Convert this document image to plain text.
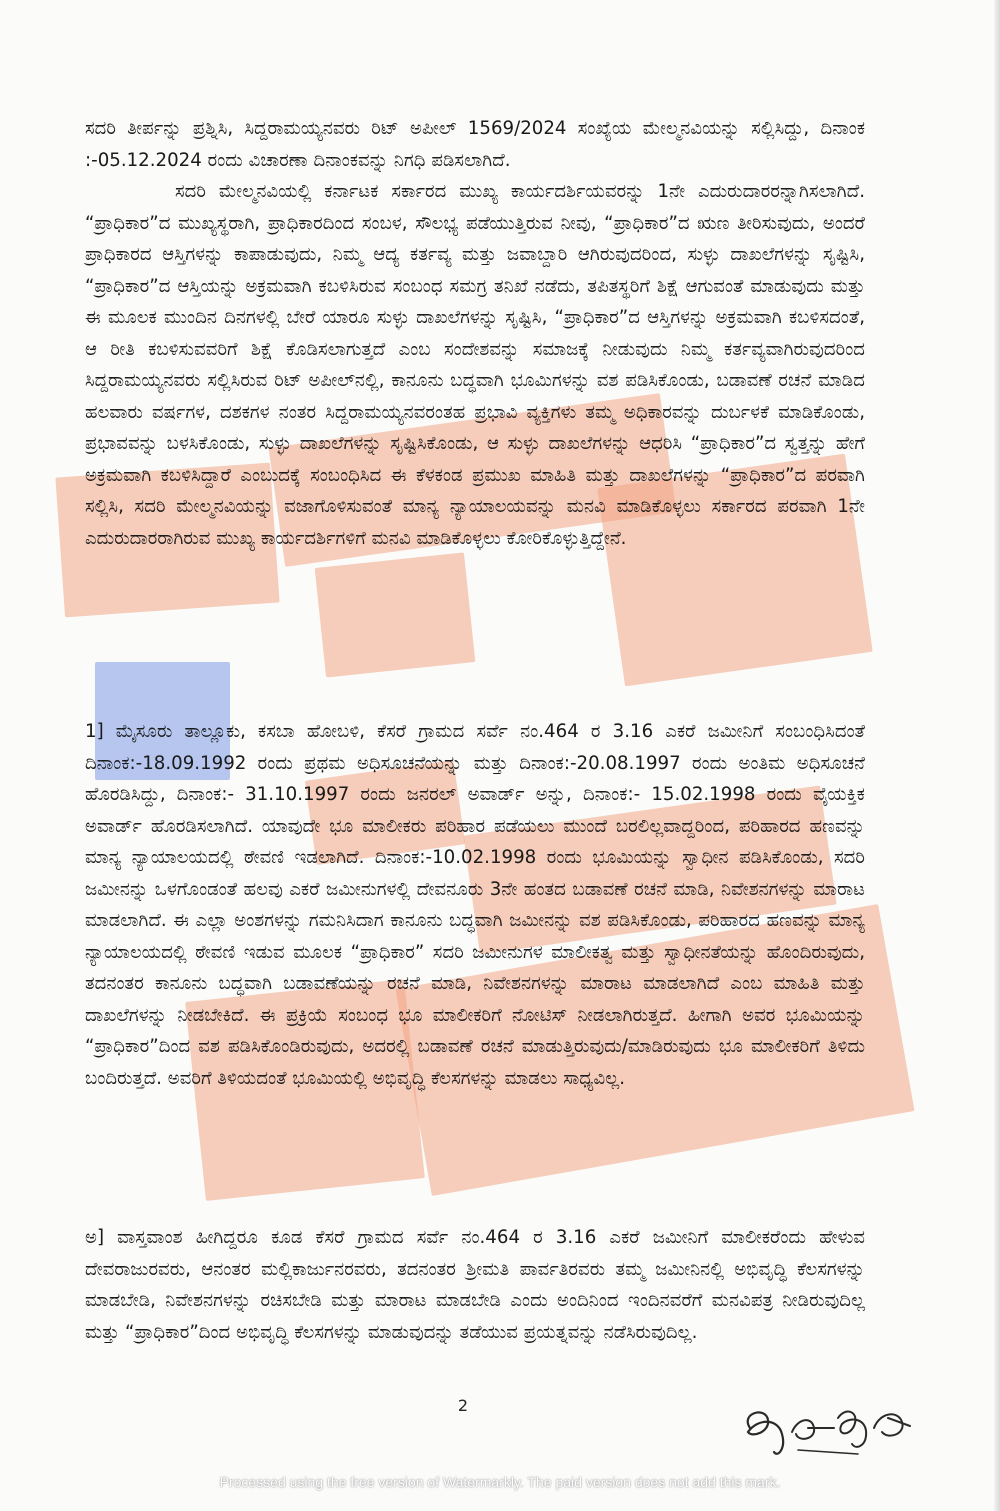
ಸದರಿ ತೀರ್ಪನ್ನು ಪ್ರಶ್ನಿಸಿ, ಸಿದ್ದರಾಮಯ್ಯನವರು ರಿಟ್ ಅಪೀಲ್ 1569/2024 ಸಂಖ್ಯೆಯ ಮೇಲ್ಮನವಿಯನ್ನು ಸಲ್ಲಿಸಿದ್ದು, ದಿನಾಂಕ :-05.12.2024 ರಂದು ವಿಚಾರಣಾ ದಿನಾಂಕವನ್ನು ನಿಗಧಿ ಪಡಿಸಲಾಗಿದೆ.

ಸದರಿ ಮೇಲ್ಮನವಿಯಲ್ಲಿ ಕರ್ನಾಟಕ ಸರ್ಕಾರದ ಮುಖ್ಯ ಕಾರ್ಯದರ್ಶಿಯವರನ್ನು 1ನೇ ಎದುರುದಾರರನ್ನಾಗಿಸಲಾಗಿದೆ. “ಪ್ರಾಧಿಕಾರ”ದ ಮುಖ್ಯಸ್ಥರಾಗಿ, ಪ್ರಾಧಿಕಾರದಿಂದ ಸಂಬಳ, ಸೌಲಭ್ಯ ಪಡೆಯುತ್ತಿರುವ ನೀವು, “ಪ್ರಾಧಿಕಾರ”ದ ಋಣ ತೀರಿಸುವುದು, ಅಂದರೆ ಪ್ರಾಧಿಕಾರದ ಆಸ್ತಿಗಳನ್ನು ಕಾಪಾಡುವುದು, ನಿಮ್ಮ ಆದ್ಯ ಕರ್ತವ್ಯ ಮತ್ತು ಜವಾಬ್ದಾರಿ ಆಗಿರುವುದರಿಂದ, ಸುಳ್ಳು ದಾಖಲೆಗಳನ್ನು ಸೃಷ್ಟಿಸಿ, “ಪ್ರಾಧಿಕಾರ”ದ ಆಸ್ತಿಯನ್ನು ಅಕ್ರಮವಾಗಿ ಕಬಳಿಸಿರುವ ಸಂಬಂಧ ಸಮಗ್ರ ತನಿಖೆ ನಡೆದು, ತಪಿತಸ್ಥರಿಗೆ ಶಿಕ್ಷೆ ಆಗುವಂತೆ ಮಾಡುವುದು ಮತ್ತು ಈ ಮೂಲಕ ಮುಂದಿನ ದಿನಗಳಲ್ಲಿ ಬೇರೆ ಯಾರೂ ಸುಳ್ಳು ದಾಖಲೆಗಳನ್ನು ಸೃಷ್ಟಿಸಿ, “ಪ್ರಾಧಿಕಾರ”ದ ಆಸ್ತಿಗಳನ್ನು ಅಕ್ರಮವಾಗಿ ಕಬಳಿಸದಂತೆ, ಆ ರೀತಿ ಕಬಳಿಸುವವರಿಗೆ ಶಿಕ್ಷೆ ಕೊಡಿಸಲಾಗುತ್ತದೆ ಎಂಬ ಸಂದೇಶವನ್ನು ಸಮಾಜಕ್ಕೆ ನೀಡುವುದು ನಿಮ್ಮ ಕರ್ತವ್ಯವಾಗಿರುವುದರಿಂದ ಸಿದ್ದರಾಮಯ್ಯನವರು ಸಲ್ಲಿಸಿರುವ ರಿಟ್ ಅಪೀಲ್‌ನಲ್ಲಿ, ಕಾನೂನು ಬದ್ಧವಾಗಿ ಭೂಮಿಗಳನ್ನು ವಶ ಪಡಿಸಿಕೊಂಡು, ಬಡಾವಣೆ ರಚನೆ ಮಾಡಿದ ಹಲವಾರು ವರ್ಷಗಳ, ದಶಕಗಳ ನಂತರ ಸಿದ್ದರಾಮಯ್ಯನವರಂತಹ ಪ್ರಭಾವಿ ವ್ಯಕ್ತಿಗಳು ತಮ್ಮ ಅಧಿಕಾರವನ್ನು ದುರ್ಬಳಕೆ ಮಾಡಿಕೊಂಡು, ಪ್ರಭಾವವನ್ನು ಬಳಸಿಕೊಂಡು, ಸುಳ್ಳು ದಾಖಲೆಗಳನ್ನು ಸೃಷ್ಟಿಸಿಕೊಂಡು, ಆ ಸುಳ್ಳು ದಾಖಲೆಗಳನ್ನು ಆಧರಿಸಿ “ಪ್ರಾಧಿಕಾರ”ದ ಸ್ವತ್ತನ್ನು ಹೇಗೆ ಅಕ್ರಮವಾಗಿ ಕಬಳಿಸಿದ್ದಾರೆ ಎಂಬುದಕ್ಕೆ ಸಂಬಂಧಿಸಿದ ಈ ಕೆಳಕಂಡ ಪ್ರಮುಖ ಮಾಹಿತಿ ಮತ್ತು ದಾಖಲೆಗಳನ್ನು “ಪ್ರಾಧಿಕಾರ”ದ ಪರವಾಗಿ ಸಲ್ಲಿಸಿ, ಸದರಿ ಮೇಲ್ಮನವಿಯನ್ನು ವಜಾಗೊಳಿಸುವಂತೆ ಮಾನ್ಯ ನ್ಯಾಯಾಲಯವನ್ನು ಮನವಿ ಮಾಡಿಕೊಳ್ಳಲು ಸರ್ಕಾರದ ಪರವಾಗಿ 1ನೇ ಎದುರುದಾರರಾಗಿರುವ ಮುಖ್ಯ ಕಾರ್ಯದರ್ಶಿಗಳಿಗೆ ಮನವಿ ಮಾಡಿಕೊಳ್ಳಲು ಕೋರಿಕೊಳ್ಳುತ್ತಿದ್ದೇನೆ.

1] ಮೈಸೂರು ತಾಲ್ಲೂಕು, ಕಸಬಾ ಹೋಬಳಿ, ಕೆಸರೆ ಗ್ರಾಮದ ಸರ್ವೆ ನಂ.464 ರ 3.16 ಎಕರೆ ಜಮೀನಿಗೆ ಸಂಬಂಧಿಸಿದಂತೆ ದಿನಾಂಕ:-18.09.1992 ರಂದು ಪ್ರಥಮ ಅಧಿಸೂಚನೆಯನ್ನು ಮತ್ತು ದಿನಾಂಕ:-20.08.1997 ರಂದು ಅಂತಿಮ ಅಧಿಸೂಚನೆ ಹೊರಡಿಸಿದ್ದು, ದಿನಾಂಕ:- 31.10.1997 ರಂದು ಜನರಲ್ ಅವಾರ್ಡ್ ಅನ್ನು, ದಿನಾಂಕ:- 15.02.1998 ರಂದು ವೈಯಕ್ತಿಕ ಅವಾರ್ಡ್ ಹೊರಡಿಸಲಾಗಿದೆ. ಯಾವುದೇ ಭೂ ಮಾಲೀಕರು ಪರಿಹಾರ ಪಡೆಯಲು ಮುಂದೆ ಬರಲಿಲ್ಲವಾದ್ದರಿಂದ, ಪರಿಹಾರದ ಹಣವನ್ನು ಮಾನ್ಯ ನ್ಯಾಯಾಲಯದಲ್ಲಿ ಠೇವಣಿ ಇಡಲಾಗಿದೆ. ದಿನಾಂಕ:-10.02.1998 ರಂದು ಭೂಮಿಯನ್ನು ಸ್ವಾಧೀನ ಪಡಿಸಿಕೊಂಡು, ಸದರಿ ಜಮೀನನ್ನು ಒಳಗೊಂಡಂತೆ ಹಲವು ಎಕರೆ ಜಮೀನುಗಳಲ್ಲಿ ದೇವನೂರು 3ನೇ ಹಂತದ ಬಡಾವಣೆ ರಚನೆ ಮಾಡಿ, ನಿವೇಶನಗಳನ್ನು ಮಾರಾಟ ಮಾಡಲಾಗಿದೆ. ಈ ಎಲ್ಲಾ ಅಂಶಗಳನ್ನು ಗಮನಿಸಿದಾಗ ಕಾನೂನು ಬದ್ಧವಾಗಿ ಜಮೀನನ್ನು ವಶ ಪಡಿಸಿಕೊಂಡು, ಪರಿಹಾರದ ಹಣವನ್ನು ಮಾನ್ಯ ನ್ಯಾಯಾಲಯದಲ್ಲಿ ಠೇವಣಿ ಇಡುವ ಮೂಲಕ “ಪ್ರಾಧಿಕಾರ” ಸದರಿ ಜಮೀನುಗಳ ಮಾಲೀಕತ್ವ ಮತ್ತು ಸ್ವಾಧೀನತೆಯನ್ನು ಹೊಂದಿರುವುದು, ತದನಂತರ ಕಾನೂನು ಬದ್ಧವಾಗಿ ಬಡಾವಣೆಯನ್ನು ರಚನೆ ಮಾಡಿ, ನಿವೇಶನಗಳನ್ನು ಮಾರಾಟ ಮಾಡಲಾಗಿದೆ ಎಂಬ ಮಾಹಿತಿ ಮತ್ತು ದಾಖಲೆಗಳನ್ನು ನೀಡಬೇಕಿದೆ. ಈ ಪ್ರಕ್ರಿಯೆ ಸಂಬಂಧ ಭೂ ಮಾಲೀಕರಿಗೆ ನೋಟಿಸ್ ನೀಡಲಾಗಿರುತ್ತದೆ. ಹೀಗಾಗಿ ಅವರ ಭೂಮಿಯನ್ನು “ಪ್ರಾಧಿಕಾರ”ದಿಂದ ವಶ ಪಡಿಸಿಕೊಂಡಿರುವುದು, ಅದರಲ್ಲಿ ಬಡಾವಣೆ ರಚನೆ ಮಾಡುತ್ತಿರುವುದು/ಮಾಡಿರುವುದು ಭೂ ಮಾಲೀಕರಿಗೆ ತಿಳಿದು ಬಂದಿರುತ್ತದೆ. ಅವರಿಗೆ ತಿಳಿಯದಂತೆ ಭೂಮಿಯಲ್ಲಿ ಅಭಿವೃದ್ಧಿ ಕೆಲಸಗಳನ್ನು ಮಾಡಲು ಸಾಧ್ಯವಿಲ್ಲ.

ಅ] ವಾಸ್ತವಾಂಶ ಹೀಗಿದ್ದರೂ ಕೂಡ ಕೆಸರೆ ಗ್ರಾಮದ ಸರ್ವೆ ನಂ.464 ರ 3.16 ಎಕರೆ ಜಮೀನಿಗೆ ಮಾಲೀಕರೆಂದು ಹೇಳುವ ದೇವರಾಜುರವರು, ಆನಂತರ ಮಲ್ಲಿಕಾರ್ಜುನರವರು, ತದನಂತರ ಶ್ರೀಮತಿ ಪಾರ್ವತಿರವರು ತಮ್ಮ ಜಮೀನಿನಲ್ಲಿ ಅಭಿವೃದ್ಧಿ ಕೆಲಸಗಳನ್ನು ಮಾಡಬೇಡಿ, ನಿವೇಶನಗಳನ್ನು ರಚಿಸಬೇಡಿ ಮತ್ತು ಮಾರಾಟ ಮಾಡಬೇಡಿ ಎಂದು ಅಂದಿನಿಂದ ಇಂದಿನವರೆಗೆ ಮನವಿಪತ್ರ ನೀಡಿರುವುದಿಲ್ಲ ಮತ್ತು “ಪ್ರಾಧಿಕಾರ”ದಿಂದ ಅಭಿವೃದ್ಧಿ ಕೆಲಸಗಳನ್ನು ಮಾಡುವುದನ್ನು ತಡೆಯುವ ಪ್ರಯತ್ನವನ್ನು ನಡೆಸಿರುವುದಿಲ್ಲ.

2
Processed using the free version of Watermarkly. The paid version does not add this mark.
